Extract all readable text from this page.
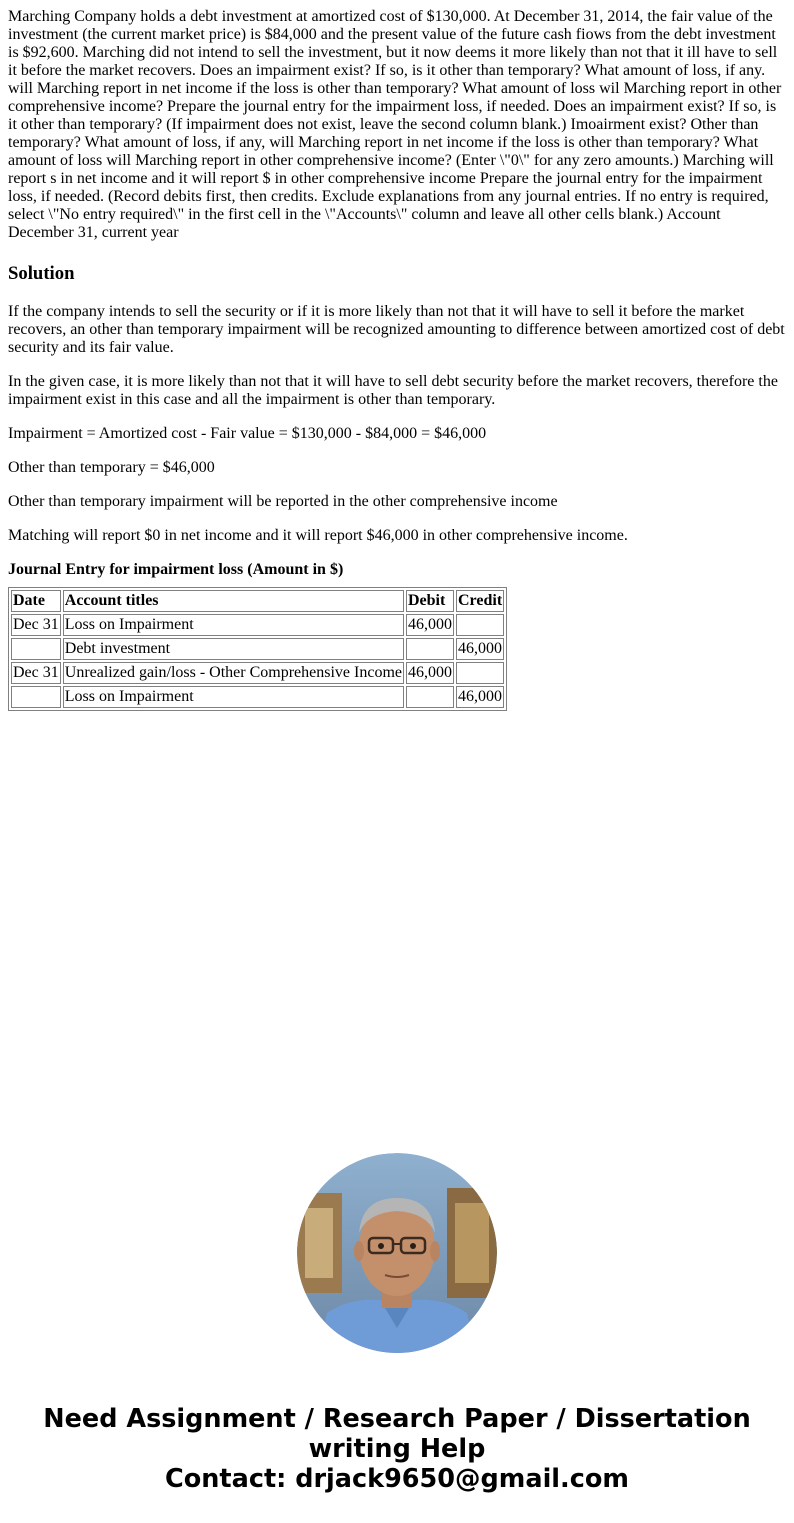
Marching Company holds a debt investment at amortized cost of $130,000. At December 31, 2014, the fair value of the investment (the current market price) is $84,000 and the present value of the future cash fiows from the debt investment is $92,600. Marching did not intend to sell the investment, but it now deems it more likely than not that it ill have to sell it before the market recovers. Does an impairment exist? If so, is it other than temporary? What amount of loss, if any. will Marching report in net income if the loss is other than temporary? What amount of loss wil Marching report in other comprehensive income? Prepare the journal entry for the impairment loss, if needed. Does an impairment exist? If so, is it other than temporary? (If impairment does not exist, leave the second column blank.) Imoairment exist? Other than temporary? What amount of loss, if any, will Marching report in net income if the loss is other than temporary? What amount of loss will Marching report in other comprehensive income? (Enter \"0\" for any zero amounts.) Marching will report s in net income and it will report $ in other comprehensive income Prepare the journal entry for the impairment loss, if needed. (Record debits first, then credits. Exclude explanations from any journal entries. If no entry is required, select \"No entry required\" in the first cell in the \"Accounts\" column and leave all other cells blank.) Account December 31, current year
Solution

If the company intends to sell the security or if it is more likely than not that it will have to sell it before the market recovers, an other than temporary impairment will be recognized amounting to difference between amortized cost of debt security and its fair value.

In the given case, it is more likely than not that it will have to sell debt security before the market recovers, therefore the impairment exist in this case and all the impairment is other than temporary.

Impairment = Amortized cost - Fair value = $130,000 - $84,000 = $46,000

Other than temporary = $46,000

Other than temporary impairment will be reported in the other comprehensive income

Matching will report $0 in net income and it will report $46,000 in other comprehensive income.

Journal Entry for impairment loss (Amount in $)

Date	Account titles	Debit	Credit
Dec 31	Loss on Impairment	46,000	
	Debt investment		46,000
Dec 31	Unrealized gain/loss - Other Comprehensive Income	46,000	
	Loss on Impairment		46,000
Need Assignment / Research Paper / Dissertation
writing Help
Contact: drjack9650@gmail.com
